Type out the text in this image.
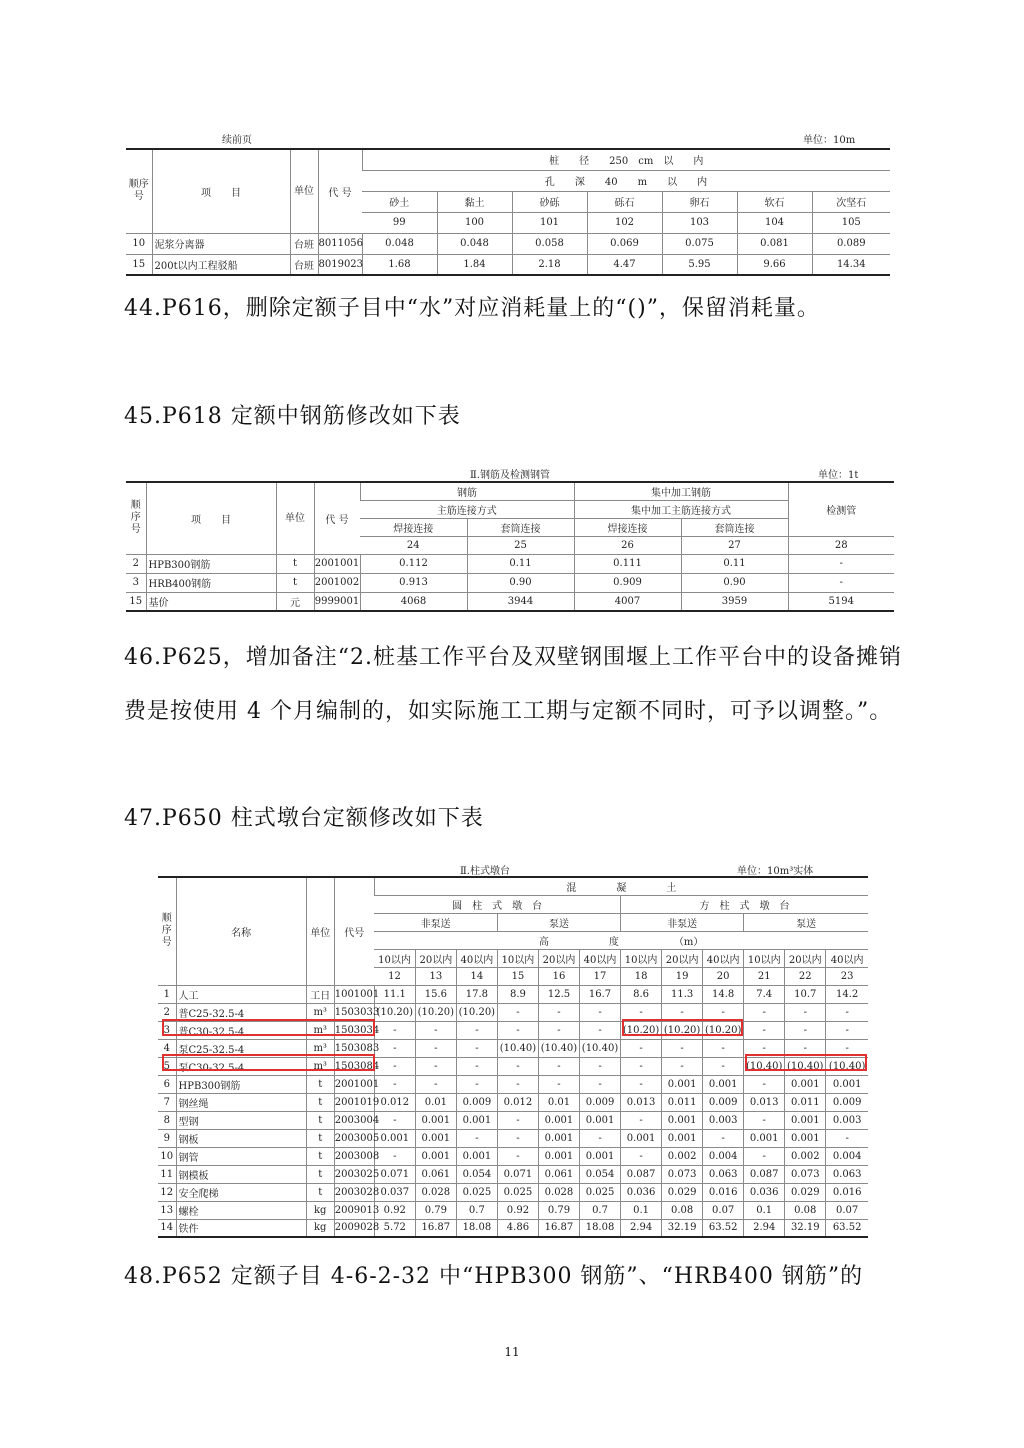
续前页	单位：10m
顺序号	项　　目	单位	代 号	桩　　径　　250　cm　以　　内						
				孔　　深　　40　　m　　以　　内						
				砂土	黏土	砂砾	砾石	卵石	软石	次坚石
				99	100	101	102	103	104	105
10	泥浆分离器	台班	8011056	0.048	0.048	0.058	0.069	0.075	0.081	0.089
15	200t以内工程驳船	台班	8019023	1.68	1.84	2.18	4.47	5.95	9.66	14.34

44.P616，删除定额子目中“水”对应消耗量上的“()”，保留消耗量。

45.P618 定额中钢筋修改如下表

Ⅱ.钢筋及检测钢管	单位：1t
顺序号	项　　目	单位	代 号	钢筋		集中加工钢筋		检测管
				主筋连接方式		集中加工主筋连接方式		
				焊接连接	套筒连接	焊接连接	套筒连接	
				24	25	26	27	28
2	HPB300钢筋	t	2001001	0.112	0.11	0.111	0.11	-
3	HRB400钢筋	t	2001002	0.913	0.90	0.909	0.90	-
15	基价	元	9999001	4068	3944	4007	3959	5194

46.P625，增加备注“2.桩基工作平台及双壁钢围堰上工作平台中的设备摊销费是按使用 4 个月编制的，如实际施工工期与定额不同时，可予以调整。”。

47.P650 柱式墩台定额修改如下表

Ⅱ.柱式墩台	单位：10m³实体
顺序号	名称	单位	代号	混　　　　凝　　　　土											
				圆　柱　式　墩　台						方　柱　式　墩　台					
				非泵送			泵送			非泵送			泵送		
				高　　　　　　度　　　　　　（m）											
				10以内	20以内	40以内	10以内	20以内	40以内	10以内	20以内	40以内	10以内	20以内	40以内
				12	13	14	15	16	17	18	19	20	21	22	23
1	人工	工日	1001001	11.1	15.6	17.8	8.9	12.5	16.7	8.6	11.3	14.8	7.4	10.7	14.2
2	普C25-32.5-4	m³	1503033	(10.20)	(10.20)	(10.20)	-	-	-	-	-	-	-	-	-
3	普C30-32.5-4	m³	1503034	-	-	-	-	-	-	(10.20)	(10.20)	(10.20)	-	-	-
4	泵C25-32.5-4	m³	1503083	-	-	-	(10.40)	(10.40)	(10.40)	-	-	-	-	-	-
5	泵C30-32.5-4	m³	1503084	-	-	-	-	-	-	-	-	-	(10.40)	(10.40)	(10.40)
6	HPB300钢筋	t	2001001	-	-	-	-	-	-	-	0.001	0.001	-	0.001	0.001
7	钢丝绳	t	2001019	0.012	0.01	0.009	0.012	0.01	0.009	0.013	0.011	0.009	0.013	0.011	0.009
8	型钢	t	2003004	-	0.001	0.001	-	0.001	0.001	-	0.001	0.003	-	0.001	0.003
9	钢板	t	2003005	0.001	0.001	-	-	0.001	-	0.001	0.001	-	0.001	0.001	-
10	钢管	t	2003008	-	0.001	0.001	-	0.001	0.001	-	0.002	0.004	-	0.002	0.004
11	钢模板	t	2003025	0.071	0.061	0.054	0.071	0.061	0.054	0.087	0.073	0.063	0.087	0.073	0.063
12	安全爬梯	t	2003028	0.037	0.028	0.025	0.025	0.028	0.025	0.036	0.029	0.016	0.036	0.029	0.016
13	螺栓	kg	2009013	0.92	0.79	0.7	0.92	0.79	0.7	0.1	0.08	0.07	0.1	0.08	0.07
14	铁件	kg	2009028	5.72	16.87	18.08	4.86	16.87	18.08	2.94	32.19	63.52	2.94	32.19	63.52

48.P652 定额子目 4-6-2-32 中“HPB300 钢筋”、“HRB400 钢筋”的

11
